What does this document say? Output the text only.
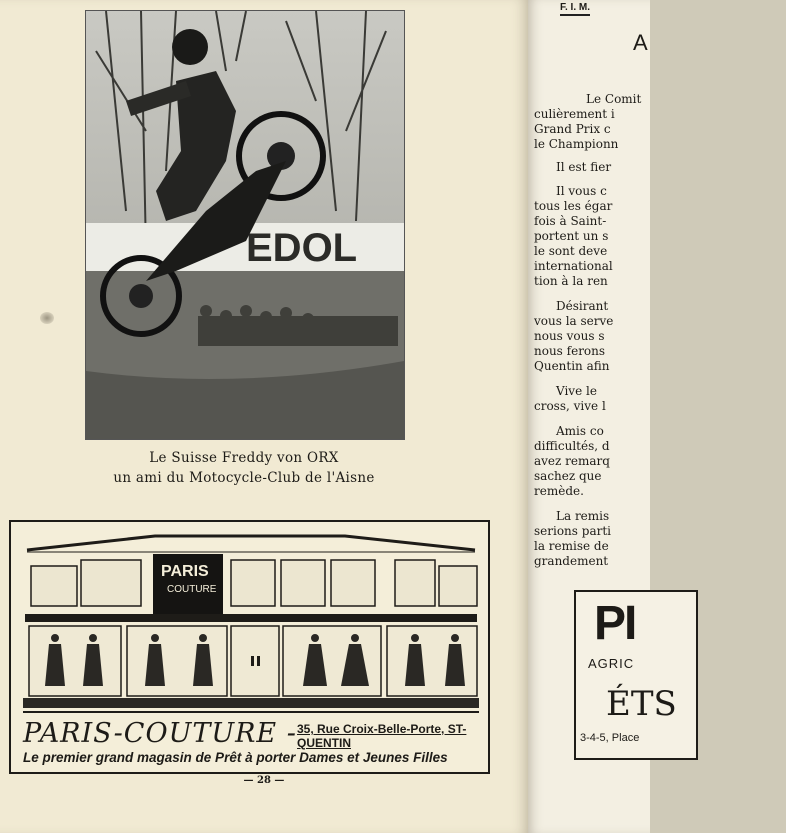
EDOL
Le Suisse Freddy von ORX
un ami du Motocycle-Club de l'Aisne
PARIS
COUTURE
PARIS-COUTURE - 35, Rue Croix-Belle-Porte, ST-QUENTIN
Le premier grand magasin de Prêt à porter Dames et Jeunes Filles
— 28 —
F. I. M.
A
Le Comit
culièrement i
Grand Prix c
le Championn
Il est fier
Il vous c
tous les égar
fois à Saint-
portent un s
le sont deve
international
tion à la ren
Désirant
vous la serve
nous vous s
nous ferons
Quentin afin
Vive le
cross, vive l
Amis co
difficultés, d
avez remarq
sachez que
remède.
La remis
serions parti
la remise de
grandement
PI
AGRIC
ÉTS
3-4-5, Place
